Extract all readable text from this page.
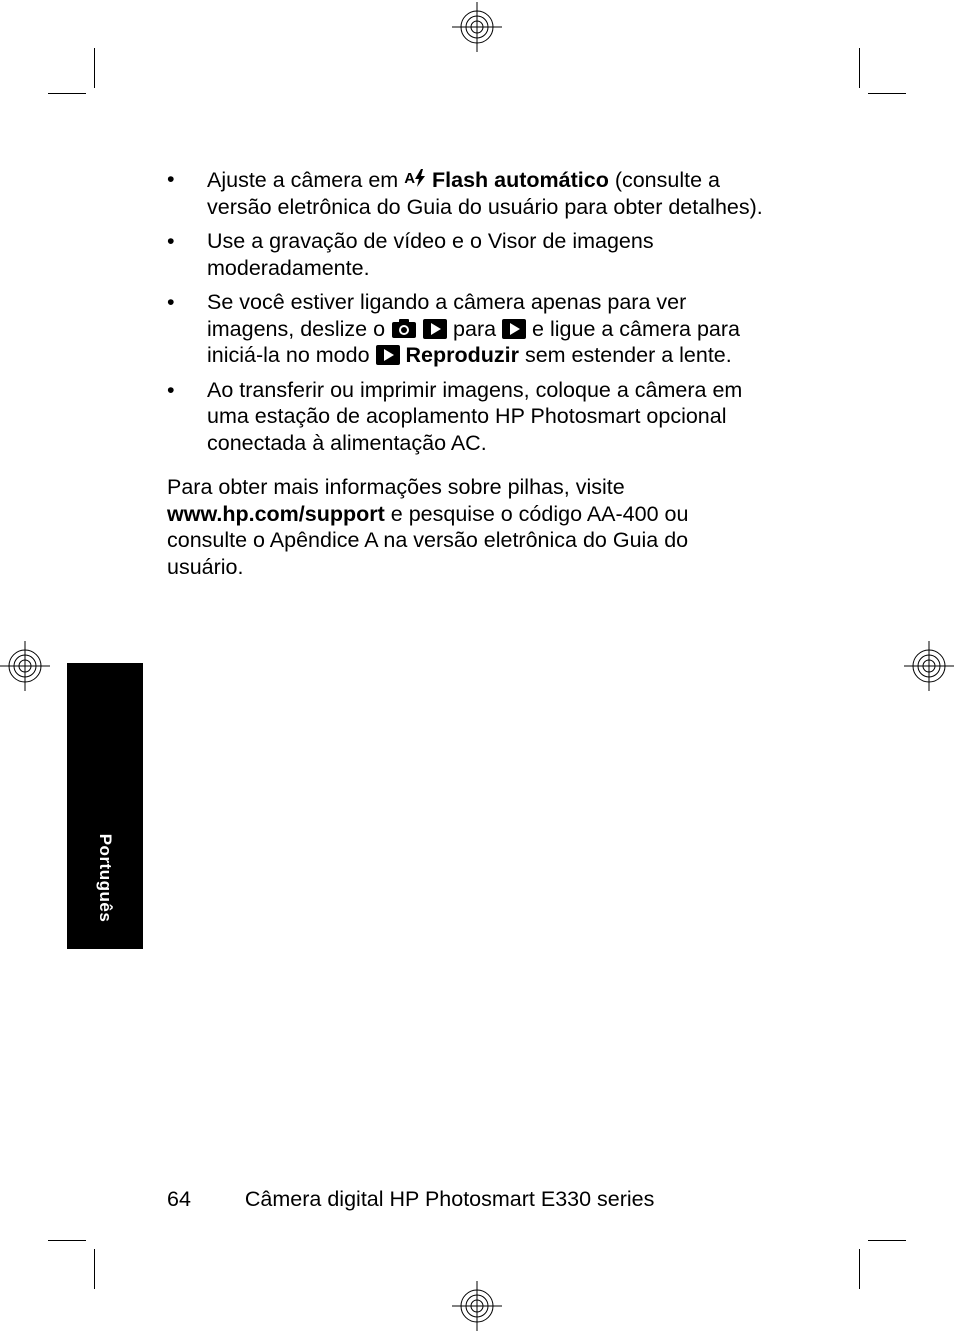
• Ajuste a câmera em A Flash automático (consulte a versão eletrônica do Guia do usuário para obter detalhes).
• Use a gravação de vídeo e o Visor de imagens moderadamente.
• Se você estiver ligando a câmera apenas para ver imagens, deslize o	para e ligue a câmera para iniciá-la no modo Reproduzir sem estender a lente.
• Ao transferir ou imprimir imagens, coloque a câmera em uma estação de acoplamento HP Photosmart opcional conectada à alimentação AC.

Para obter mais informações sobre pilhas, visite www.hp.com/support e pesquise o código AA-400 ou consulte o Apêndice A na versão eletrônica do Guia do usuário.

Português
64	Câmera digital HP Photosmart E330 series
